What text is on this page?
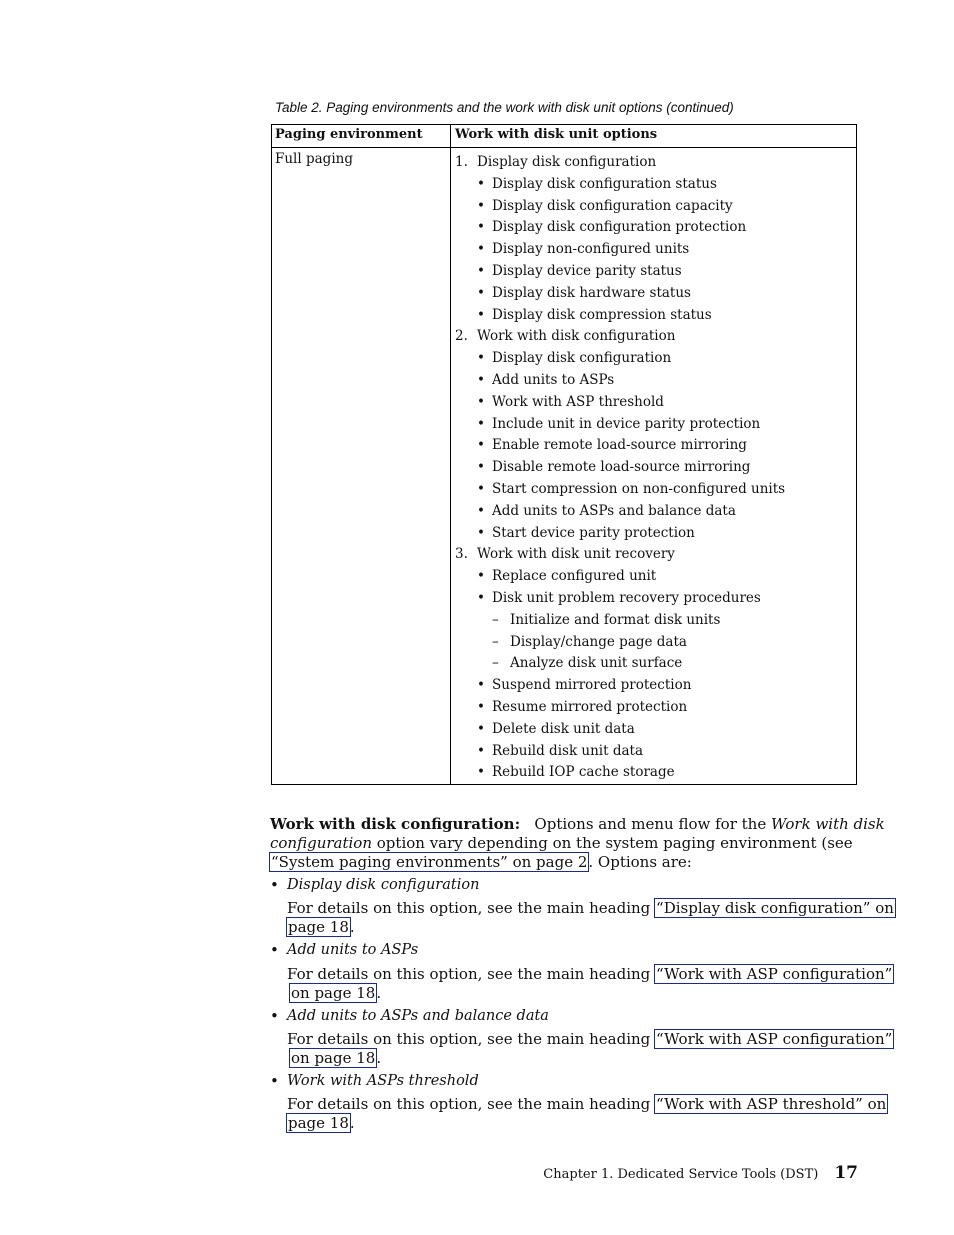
Table 2. Paging environments and the work with disk unit options (continued)
Paging environment Work with disk unit options
Full paging	1. Display disk configuration
• Display disk configuration status
• Display disk configuration capacity
• Display disk configuration protection
• Display non-configured units
• Display device parity status
• Display disk hardware status
• Display disk compression status
2. Work with disk configuration
• Display disk configuration
• Add units to ASPs
• Work with ASP threshold
• Include unit in device parity protection
• Enable remote load-source mirroring
• Disable remote load-source mirroring
• Start compression on non-configured units
• Add units to ASPs and balance data
• Start device parity protection
3. Work with disk unit recovery
• Replace configured unit
• Disk unit problem recovery procedures
– Initialize and format disk units
– Display/change page data
– Analyze disk unit surface
• Suspend mirrored protection
• Resume mirrored protection
• Delete disk unit data
• Rebuild disk unit data
• Rebuild IOP cache storage
Work with disk configuration: Options and menu flow for the Work with disk
configuration option vary depending on the system paging environment (see
“System paging environments” on page 2. Options are:
• Display disk configuration
For details on this option, see the main heading “Display disk configuration” on
page 18.
• Add units to ASPs
For details on this option, see the main heading “Work with ASP configuration”
on page 18.
• Add units to ASPs and balance data
For details on this option, see the main heading “Work with ASP configuration”
on page 18.
• Work with ASPs threshold
For details on this option, see the main heading “Work with ASP threshold” on
page 18.
Chapter 1. Dedicated Service Tools (DST) 17
